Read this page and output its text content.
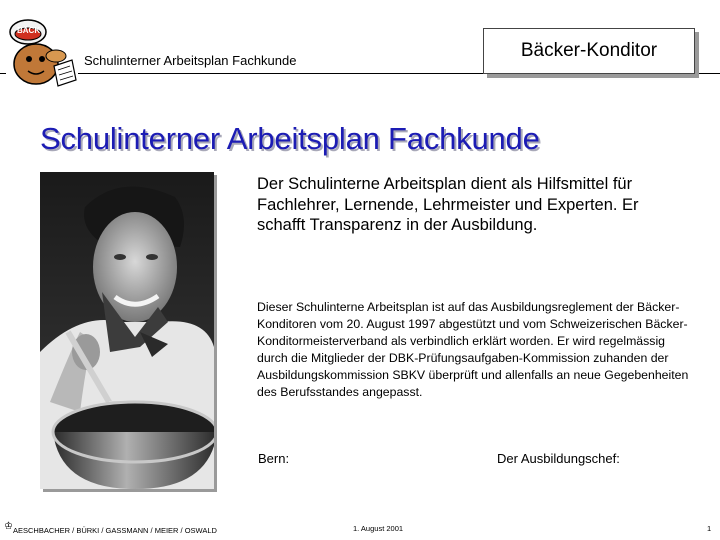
BÄCK
Schulinterner Arbeitsplan Fachkunde	Bäcker-Konditor
Schulinterner Arbeitsplan Fachkunde

Der Schulinterne Arbeitsplan dient als Hilfsmittel für Fachlehrer, Lernende, Lehrmeister und Experten. Er schafft Transparenz in der Ausbildung.

Dieser Schulinterne Arbeitsplan ist auf das Ausbildungsreglement der Bäcker-Konditoren vom 20. August 1997 abgestützt und vom Schweizerischen Bäcker-Konditormeisterverband als verbindlich erklärt worden. Er wird regelmässig durch die Mitglieder der DBK-Prüfungsaufgaben-Kommission zuhanden der Ausbildungskommission SBKV überprüft und allenfalls an neue Gegebenheiten des Berufsstandes angepasst.

Bern:	Der Ausbildungschef:
♔ AESCHBACHER / BÜRKI / GASSMANN / MEIER / OSWALD	1. August 2001	1
